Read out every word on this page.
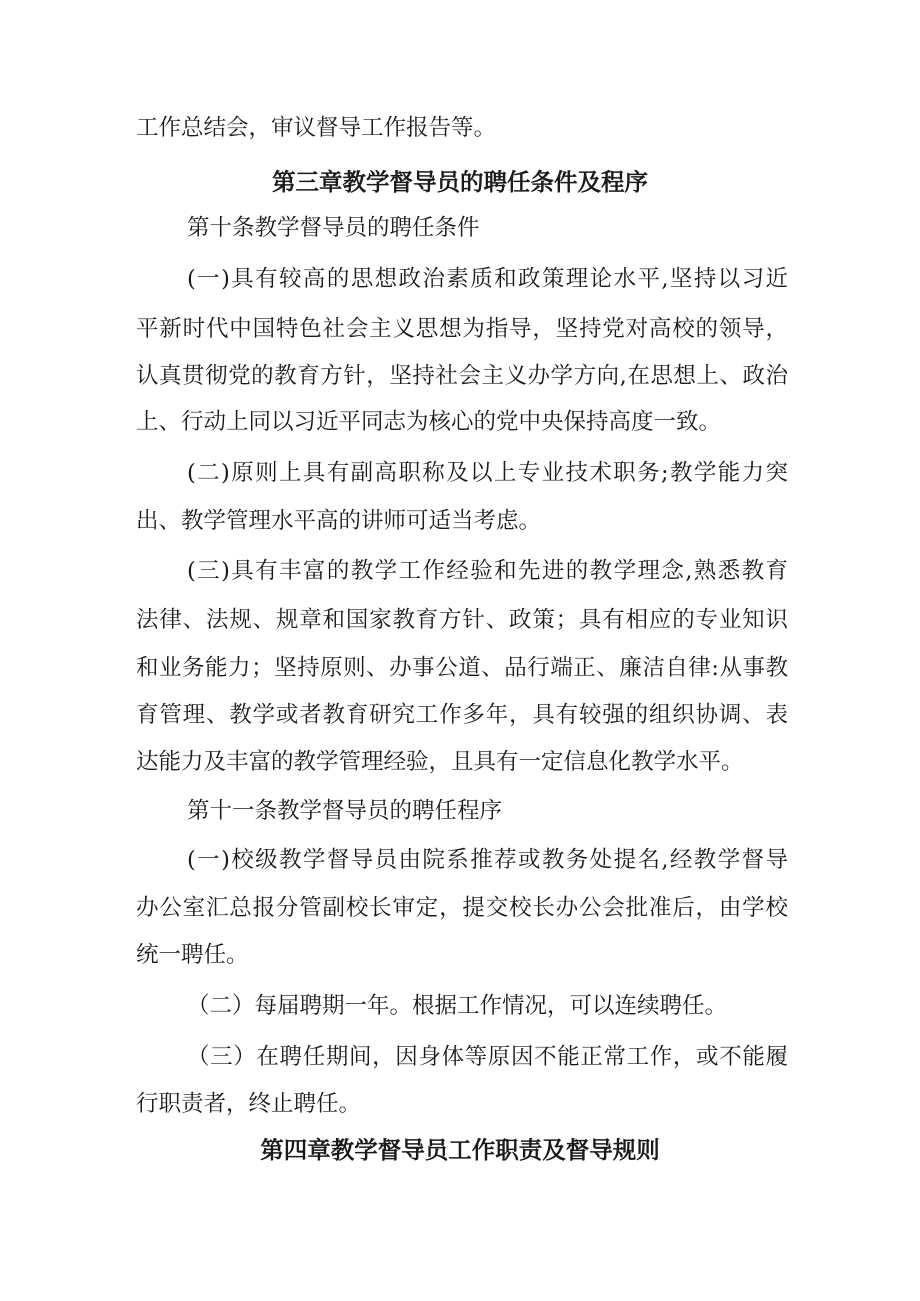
工作总结会，审议督导工作报告等。
第三章教学督导员的聘任条件及程序
第十条教学督导员的聘任条件
(一)具有较高的思想政治素质和政策理论水平,坚持以习近
平新时代中国特色社会主义思想为指导，坚持党对高校的领导，
认真贯彻党的教育方针，坚持社会主义办学方向,在思想上、政治
上、行动上同以习近平同志为核心的党中央保持高度一致。
(二)原则上具有副高职称及以上专业技术职务;教学能力突
出、教学管理水平高的讲师可适当考虑。
(三)具有丰富的教学工作经验和先进的教学理念,熟悉教育
法律、法规、规章和国家教育方针、政策；具有相应的专业知识
和业务能力；坚持原则、办事公道、品行端正、廉洁自律:从事教
育管理、教学或者教育研究工作多年，具有较强的组织协调、表
达能力及丰富的教学管理经验，且具有一定信息化教学水平。
第十一条教学督导员的聘任程序
(一)校级教学督导员由院系推荐或教务处提名,经教学督导
办公室汇总报分管副校长审定，提交校长办公会批准后，由学校
统一聘任。
（二）每届聘期一年。根据工作情况，可以连续聘任。
（三）在聘任期间，因身体等原因不能正常工作，或不能履
行职责者，终止聘任。
第四章教学督导员工作职责及督导规则
